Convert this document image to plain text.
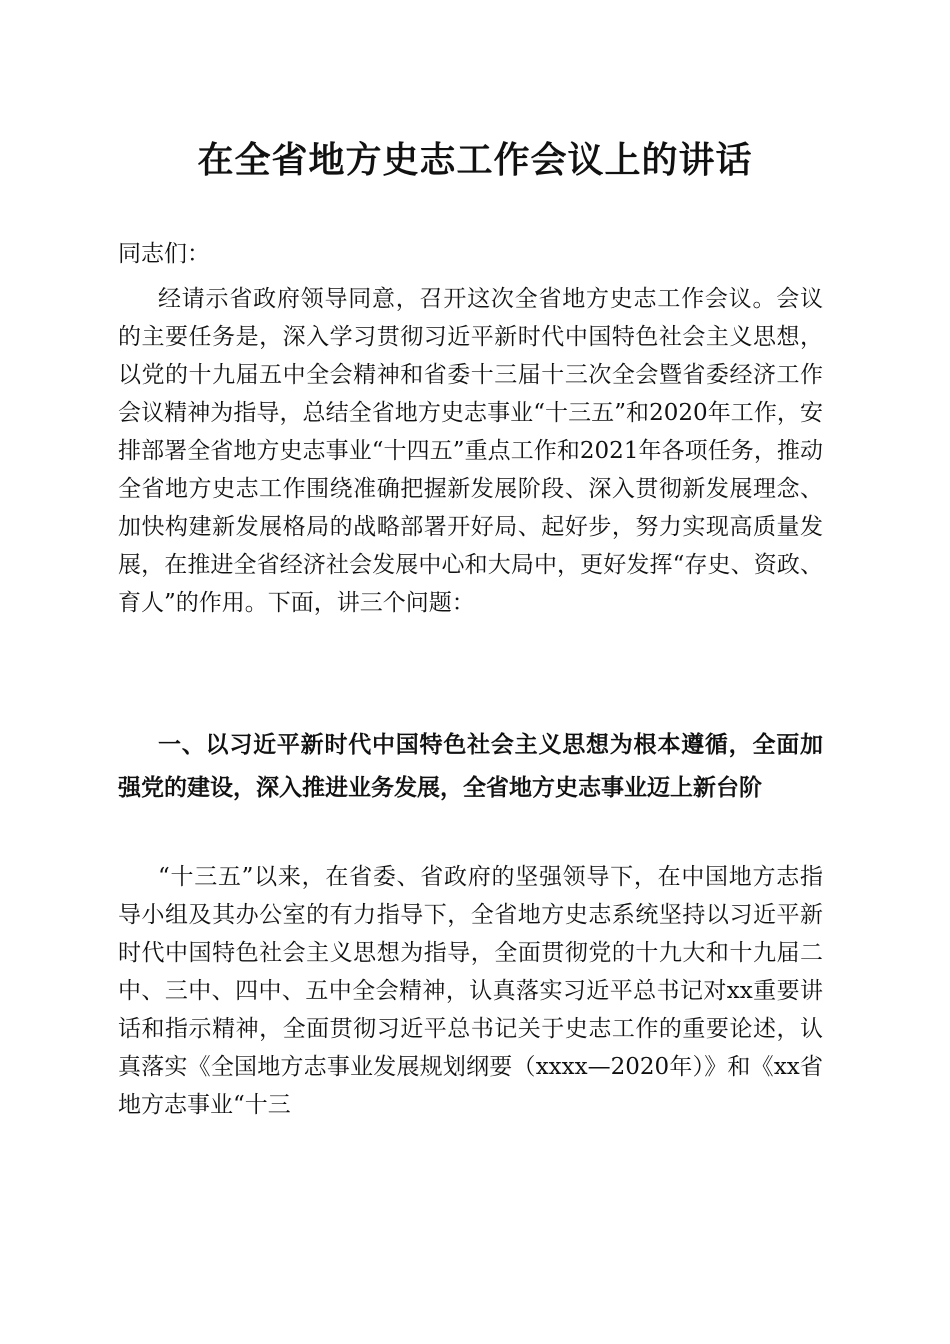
在全省地方史志工作会议上的讲话

同志们：

经请示省政府领导同意，召开这次全省地方史志工作会议。会议的主要任务是，深入学习贯彻习近平新时代中国特色社会主义思想，以党的十九届五中全会精神和省委十三届十三次全会暨省委经济工作会议精神为指导，总结全省地方史志事业“十三五”和2020年工作，安排部署全省地方史志事业“十四五”重点工作和2021年各项任务，推动全省地方史志工作围绕准确把握新发展阶段、深入贯彻新发展理念、加快构建新发展格局的战略部署开好局、起好步，努力实现高质量发展，在推进全省经济社会发展中心和大局中，更好发挥“存史、资政、育人”的作用。下面，讲三个问题：

一、以习近平新时代中国特色社会主义思想为根本遵循，全面加强党的建设，深入推进业务发展，全省地方史志事业迈上新台阶

“十三五”以来，在省委、省政府的坚强领导下，在中国地方志指导小组及其办公室的有力指导下，全省地方史志系统坚持以习近平新时代中国特色社会主义思想为指导，全面贯彻党的十九大和十九届二中、三中、四中、五中全会精神，认真落实习近平总书记对xx重要讲话和指示精神，全面贯彻习近平总书记关于史志工作的重要论述，认真落实《全国地方志事业发展规划纲要（xxxx—2020年）》和《xx省地方志事业“十三
